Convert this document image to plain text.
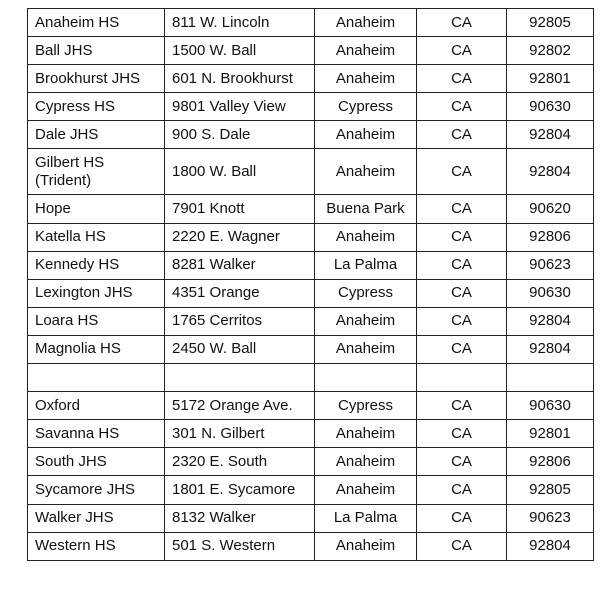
Anaheim HS	811 W. Lincoln	Anaheim	CA	92805
Ball JHS	1500 W. Ball	Anaheim	CA	92802
Brookhurst JHS	601 N. Brookhurst	Anaheim	CA	92801
Cypress HS	9801 Valley View	Cypress	CA	90630
Dale JHS	900 S. Dale	Anaheim	CA	92804
Gilbert HS (Trident)	1800 W. Ball	Anaheim	CA	92804
Hope	7901 Knott	Buena Park	CA	90620
Katella HS	2220 E. Wagner	Anaheim	CA	92806
Kennedy HS	8281 Walker	La Palma	CA	90623
Lexington JHS	4351 Orange	Cypress	CA	90630
Loara HS	1765 Cerritos	Anaheim	CA	92804
Magnolia HS	2450 W. Ball	Anaheim	CA	92804

Oxford	5172 Orange Ave.	Cypress	CA	90630
Savanna HS	301 N. Gilbert	Anaheim	CA	92801
South JHS	2320 E. South	Anaheim	CA	92806
Sycamore JHS	1801 E. Sycamore	Anaheim	CA	92805
Walker JHS	8132 Walker	La Palma	CA	90623
Western HS	501 S. Western	Anaheim	CA	92804
